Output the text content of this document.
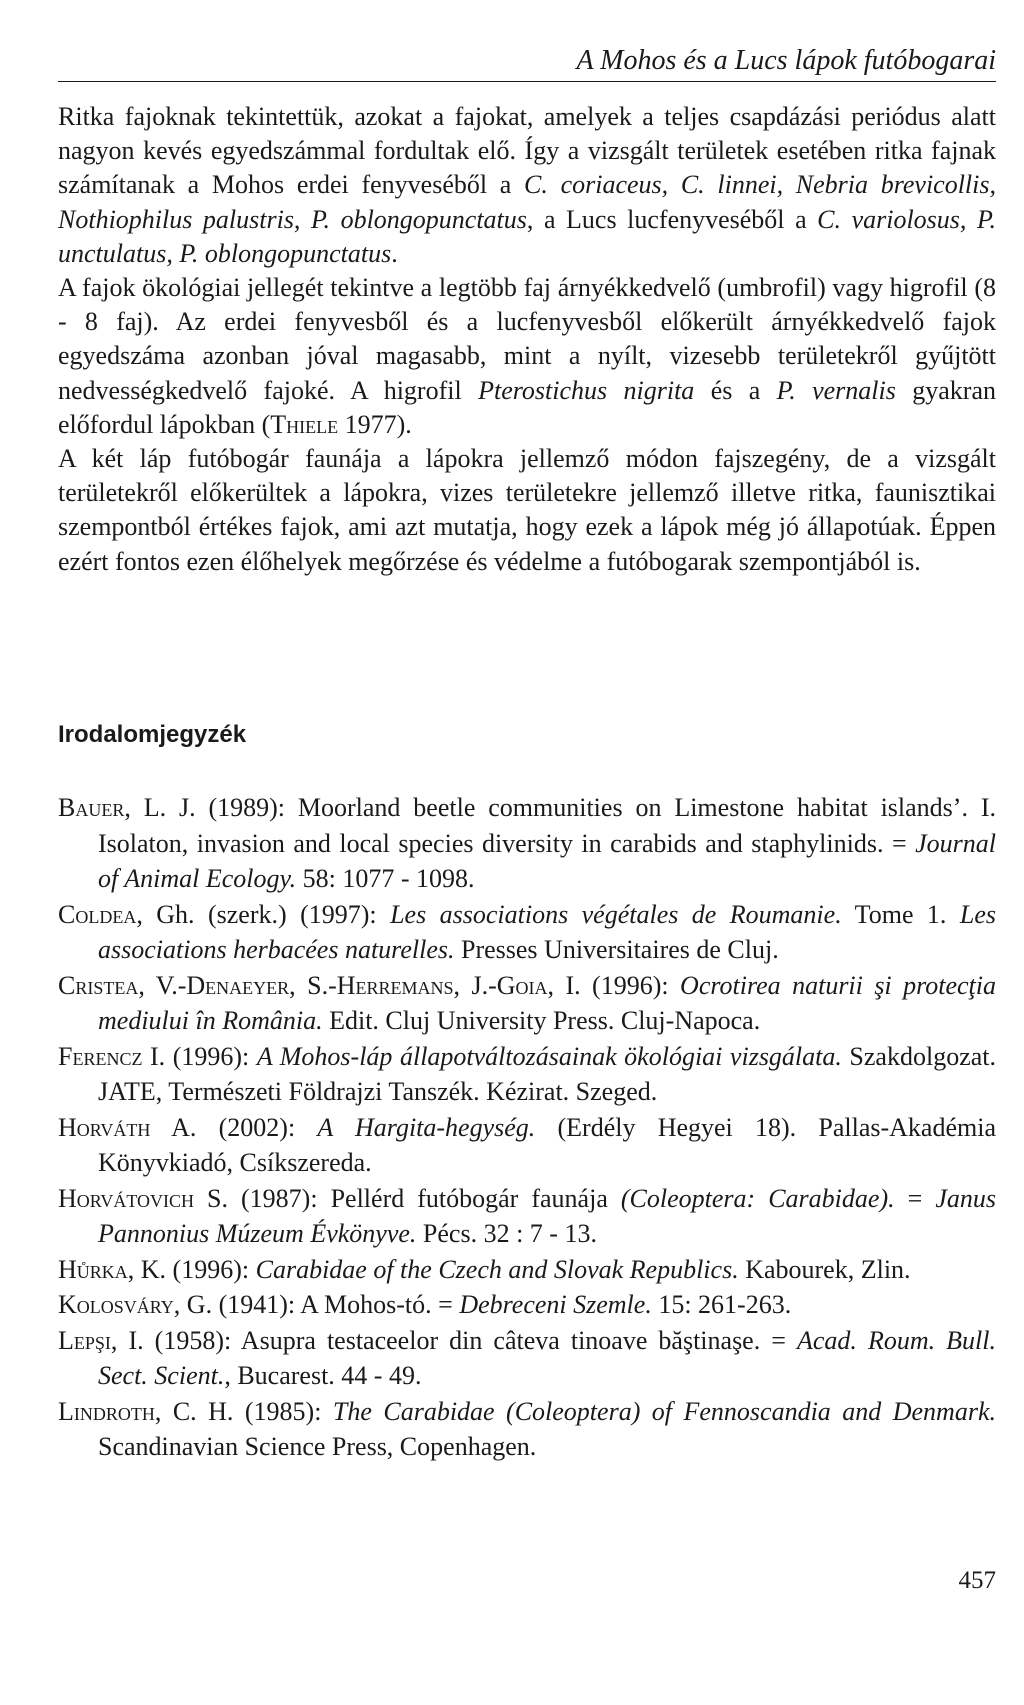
A Mohos és a Lucs lápok futóbogarai

Ritka fajoknak tekintettük, azokat a fajokat, amelyek a teljes csapdázási periódus alatt nagyon kevés egyedszámmal fordultak elő. Így a vizsgált területek esetében ritka fajnak számítanak a Mohos erdei fenyveséből a C. coriaceus, C. linnei, Nebria brevicollis, Nothiophilus palustris, P. oblongopunctatus, a Lucs lucfenyveséből a C. variolosus, P. unctulatus, P. oblongopunctatus.

A fajok ökológiai jellegét tekintve a legtöbb faj árnyékkedvelő (umbrofil) vagy higrofil (8 - 8 faj). Az erdei fenyvesből és a lucfenyvesből előkerült árnyékkedvelő fajok egyedszáma azonban jóval magasabb, mint a nyílt, vizesebb területekről gyűjtött nedvességkedvelő fajoké. A higrofil Pterostichus nigrita és a P. vernalis gyakran előfordul lápokban (Thiele 1977).

A két láp futóbogár faunája a lápokra jellemző módon fajszegény, de a vizsgált területekről előkerültek a lápokra, vizes területekre jellemző illetve ritka, faunisztikai szempontból értékes fajok, ami azt mutatja, hogy ezek a lápok még jó állapotúak. Éppen ezért fontos ezen élőhelyek megőrzése és védelme a futóbogarak szempontjából is.

Irodalomjegyzék

Bauer, L. J. (1989): Moorland beetle communities on Limestone habitat islands’. I. Isolaton, invasion and local species diversity in carabids and staphylinids. = Journal of Animal Ecology. 58: 1077 - 1098.

Coldea, Gh. (szerk.) (1997): Les associations végétales de Roumanie. Tome 1. Les associations herbacées naturelles. Presses Universitaires de Cluj.

Cristea, V.-Denaeyer, S.-Herremans, J.-Goia, I. (1996): Ocrotirea naturii şi protecţia mediului în România. Edit. Cluj University Press. Cluj-Napoca.

Ferencz I. (1996): A Mohos-láp állapotváltozásainak ökológiai vizsgálata. Szakdolgozat. JATE, Természeti Földrajzi Tanszék. Kézirat. Szeged.

Horváth A. (2002): A Hargita-hegység. (Erdély Hegyei 18). Pallas-Akadémia Könyvkiadó, Csíkszereda.

Horvátovich S. (1987): Pellérd futóbogár faunája (Coleoptera: Carabidae). = Janus Pannonius Múzeum Évkönyve. Pécs. 32 : 7 - 13.

Hůrka, K. (1996): Carabidae of the Czech and Slovak Republics. Kabourek, Zlin.

Kolosváry, G. (1941): A Mohos-tó. = Debreceni Szemle. 15: 261-263.

Lepşi, I. (1958): Asupra testaceelor din câteva tinoave băştinaşe. = Acad. Roum. Bull. Sect. Scient., Bucarest. 44 - 49.

Lindroth, C. H. (1985): The Carabidae (Coleoptera) of Fennoscandia and Denmark. Scandinavian Science Press, Copenhagen.

457
